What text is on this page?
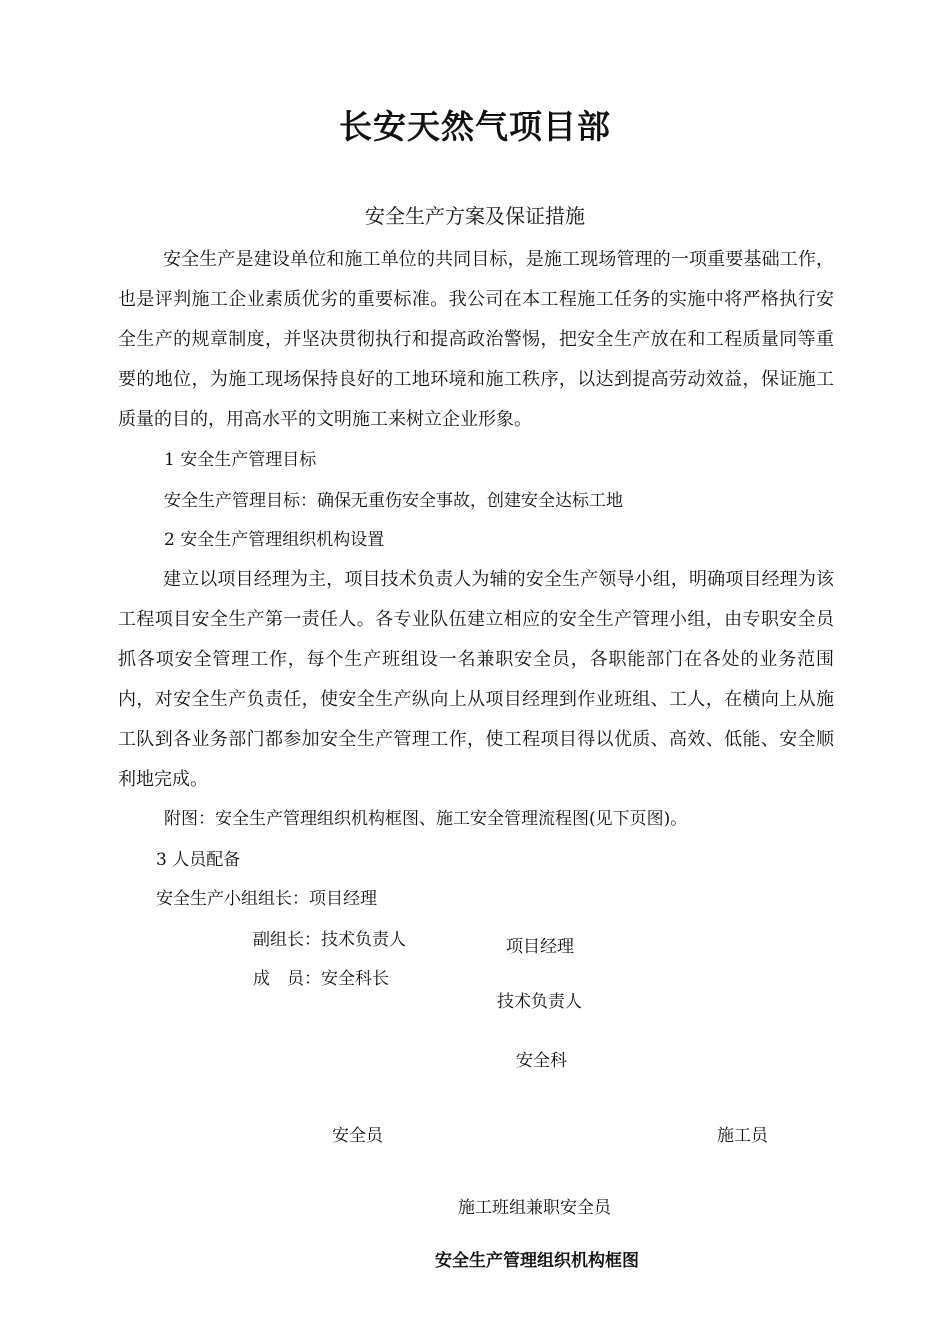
长安天然气项目部
安全生产方案及保证措施
安全生产是建设单位和施工单位的共同目标，是施工现场管理的一项重要基础工作，也是评判施工企业素质优劣的重要标准。我公司在本工程施工任务的实施中将严格执行安全生产的规章制度，并坚决贯彻执行和提高政治警惕，把安全生产放在和工程质量同等重要的地位，为施工现场保持良好的工地环境和施工秩序，以达到提高劳动效益，保证施工质量的目的，用高水平的文明施工来树立企业形象。
1 安全生产管理目标
安全生产管理目标：确保无重伤安全事故，创建安全达标工地
2 安全生产管理组织机构设置
建立以项目经理为主，项目技术负责人为辅的安全生产领导小组，明确项目经理为该工程项目安全生产第一责任人。各专业队伍建立相应的安全生产管理小组，由专职安全员抓各项安全管理工作，每个生产班组设一名兼职安全员，各职能部门在各处的业务范围内，对安全生产负责任，使安全生产纵向上从项目经理到作业班组、工人，在横向上从施工队到各业务部门都参加安全生产管理工作，使工程项目得以优质、高效、低能、安全顺利地完成。
附图：安全生产管理组织机构框图、施工安全管理流程图(见下页图)。
3 人员配备
安全生产小组组长：项目经理
副组长：技术负责人
成　员：安全科长
项目经理
技术负责人
安全科
安全员	施工员
施工班组兼职安全员
安全生产管理组织机构框图
